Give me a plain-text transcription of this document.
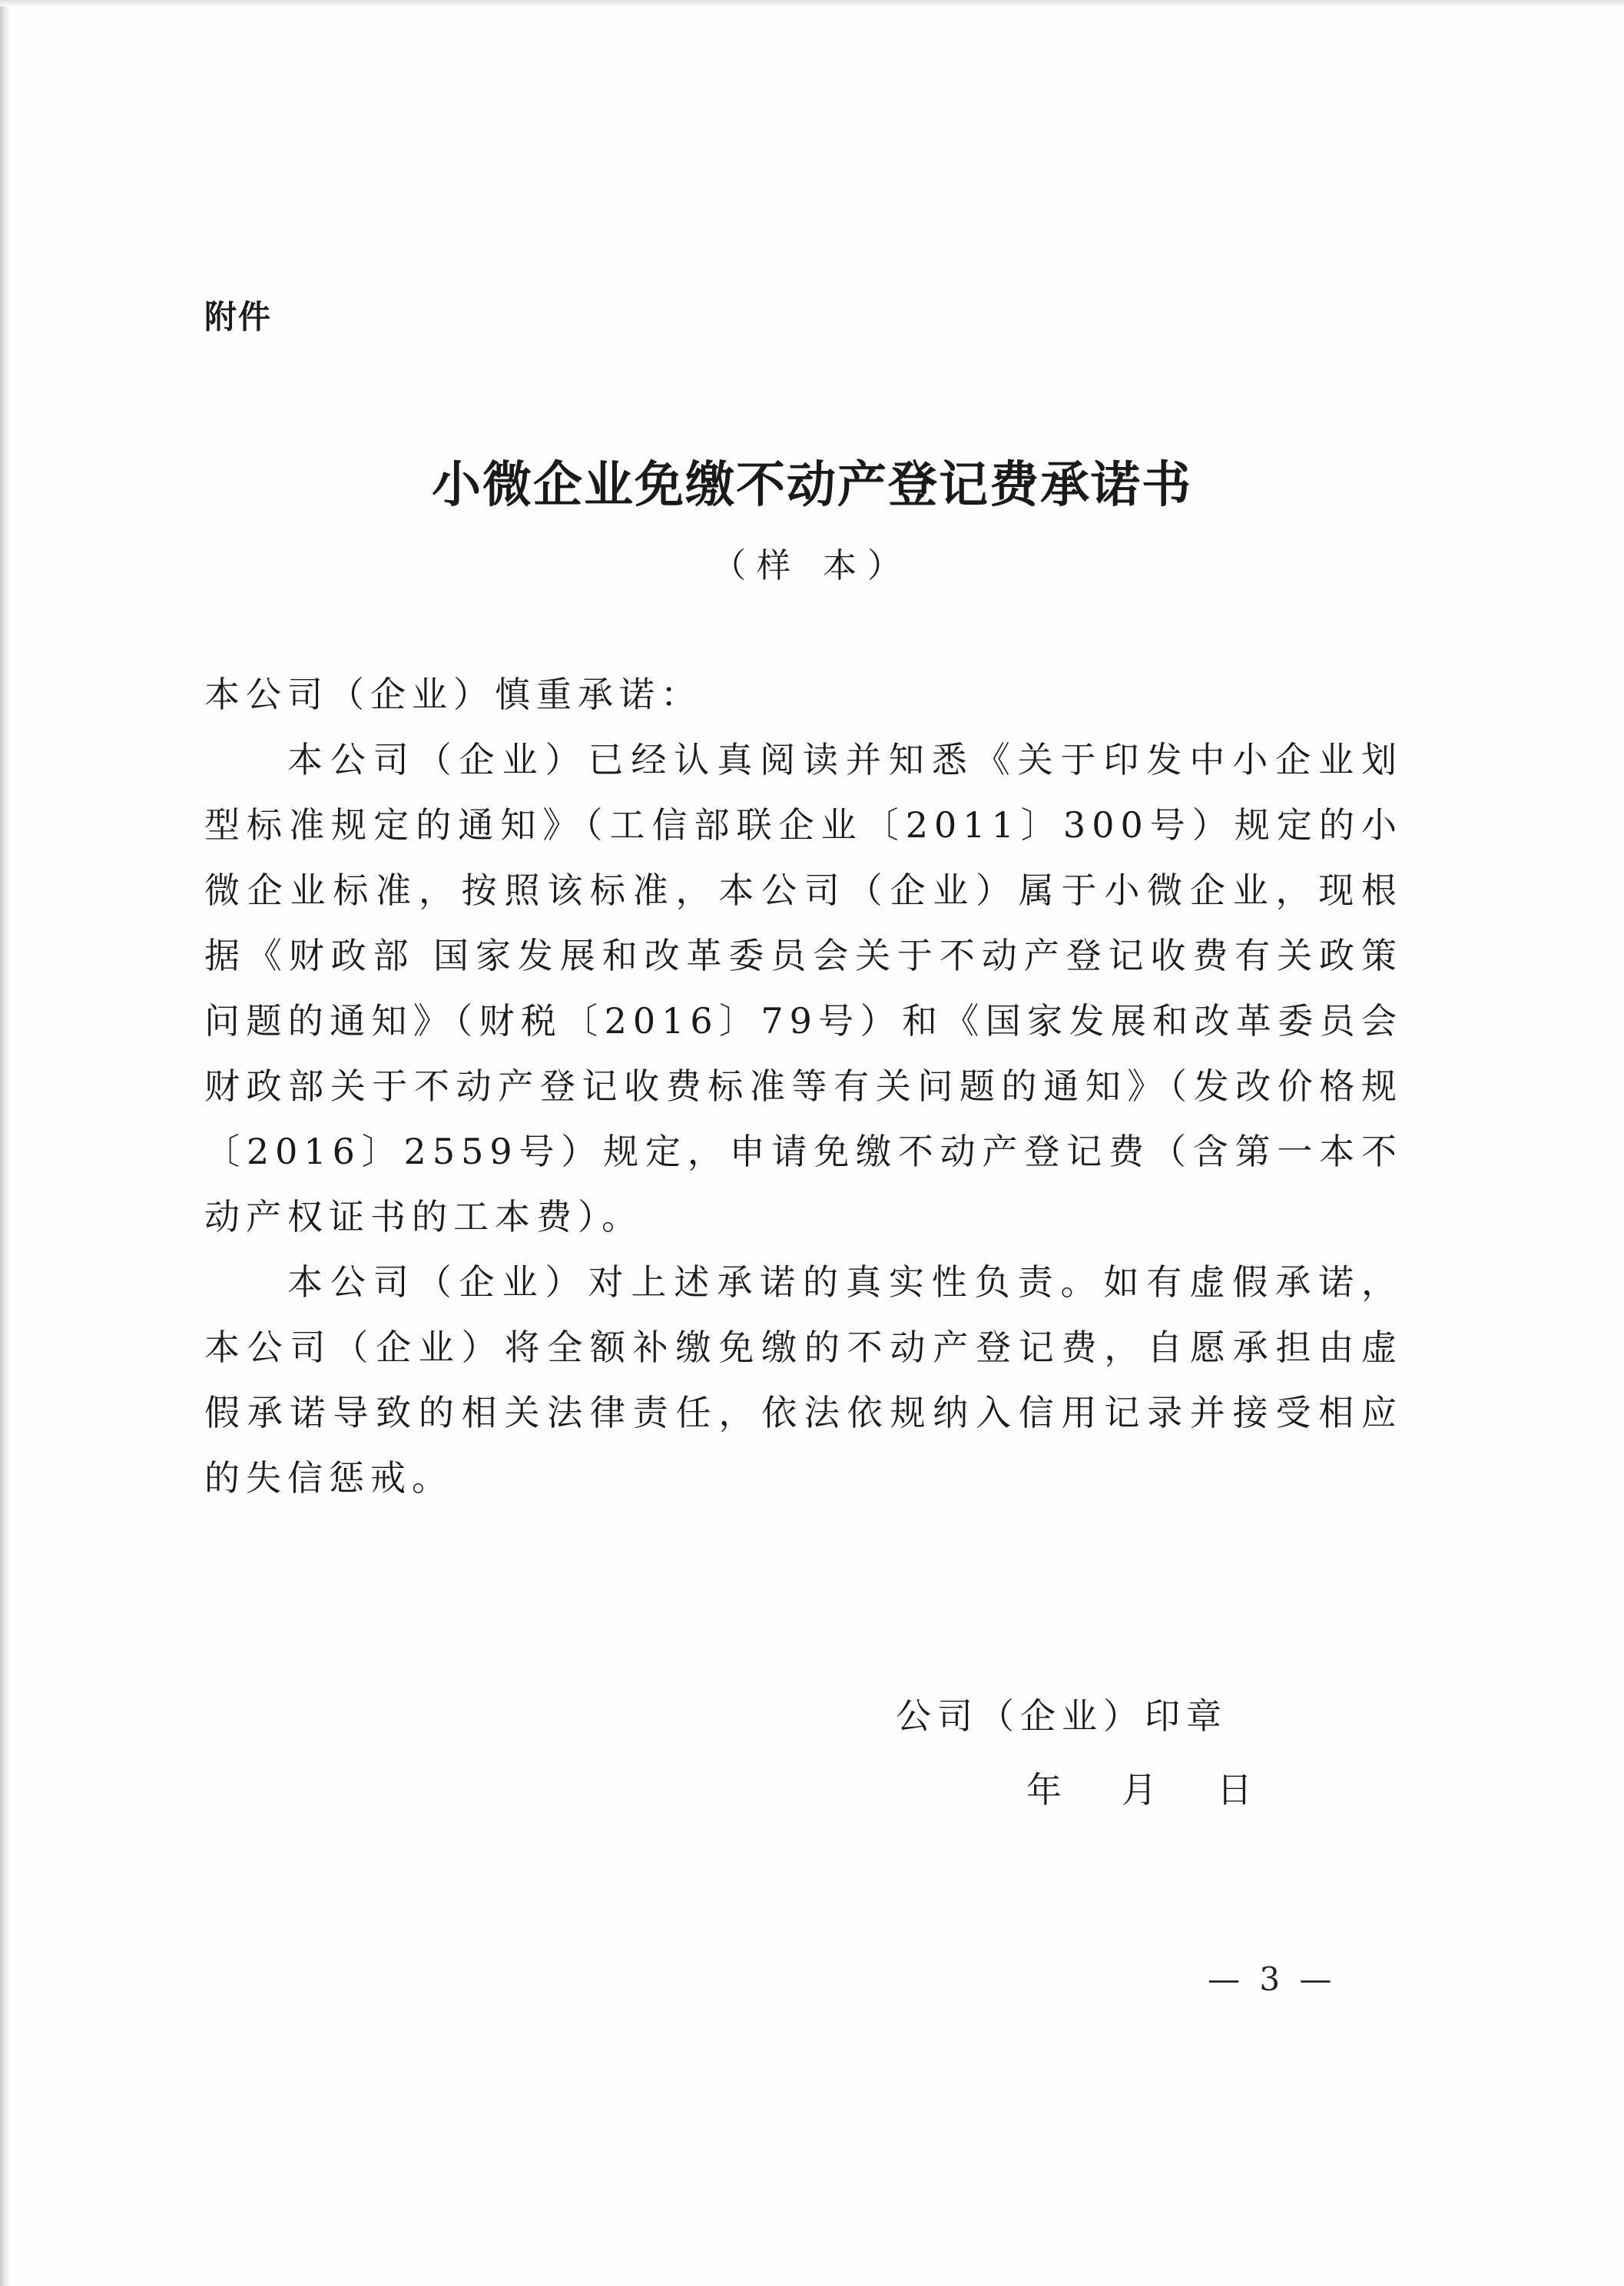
附件
小微企业免缴不动产登记费承诺书
（样 本）

本公司（企业）慎重承诺：

本公司（企业）已经认真阅读并知悉《关于印发中小企业划型标准规定的通知》（工信部联企业〔2011〕300号）规定的小微企业标准，按照该标准，本公司（企业）属于小微企业，现根据《财政部 国家发展和改革委员会关于不动产登记收费有关政策问题的通知》（财税〔2016〕79号）和《国家发展和改革委员会 财政部关于不动产登记收费标准等有关问题的通知》（发改价格规〔2016〕2559号）规定，申请免缴不动产登记费（含第一本不动产权证书的工本费）。

本公司（企业）对上述承诺的真实性负责。如有虚假承诺，本公司（企业）将全额补缴免缴的不动产登记费，自愿承担由虚假承诺导致的相关法律责任，依法依规纳入信用记录并接受相应的失信惩戒。

公司（企业）印章
年 月 日
— 3 —
